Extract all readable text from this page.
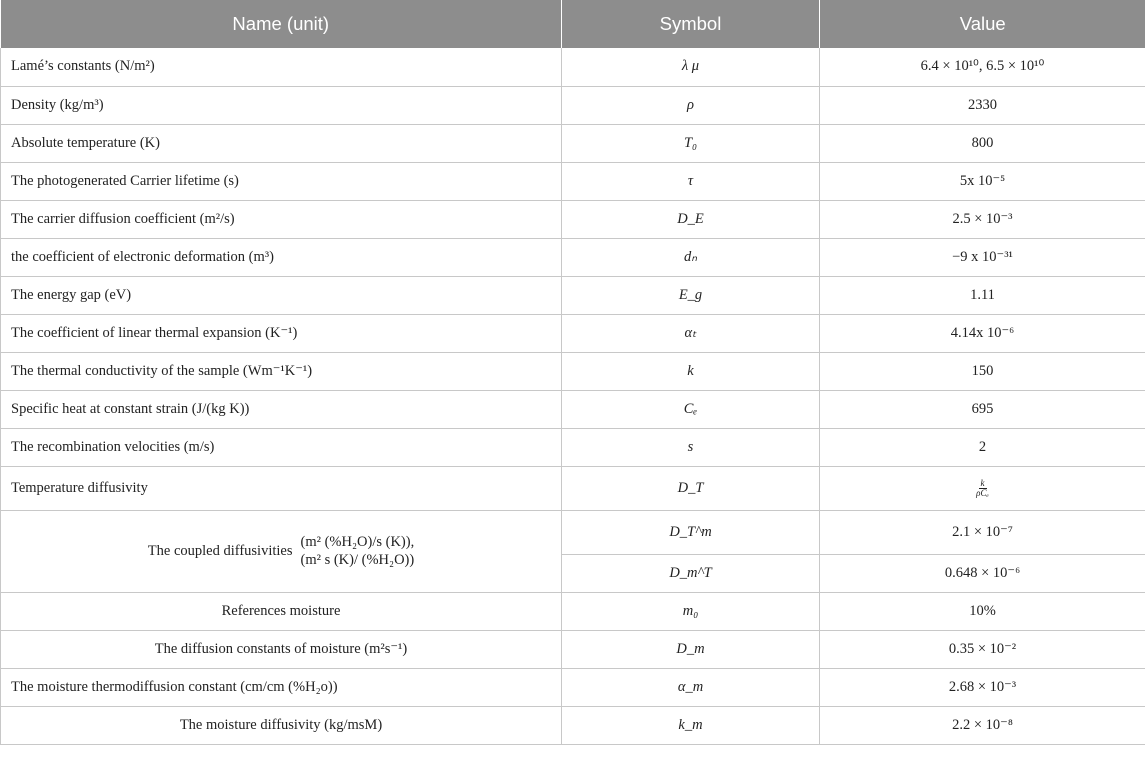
Name (unit)	Symbol	Value
Lamé’s constants (N/m²)	λ μ	6.4 × 10¹⁰, 6.5 × 10¹⁰
Density (kg/m³)	ρ	2330
Absolute temperature (K)	T₀	800
The photogenerated Carrier lifetime (s)	τ	5x 10⁻⁵
The carrier diffusion coefficient (m²/s)	D_E	2.5 × 10⁻³
the coefficient of electronic deformation (m³)	dₙ	−9 x 10⁻³¹
The energy gap (eV)	E_g	1.11
The coefficient of linear thermal expansion (K⁻¹)	αₜ	4.14x 10⁻⁶
The thermal conductivity of the sample (Wm⁻¹K⁻¹)	k	150
Specific heat at constant strain (J/(kg K))	Cₑ	695
The recombination velocities (m/s)	s	2
Temperature diffusivity	D_T	$\frac{k}{\text{ρCₑ}}$

The coupled diffusivities
(m² (%H₂O)/s (K)),
(m² s (K)/ (%H₂O))	D_T^m	2.1 × 10⁻⁷
	D_m^T	0.648 × 10⁻⁶
References moisture	m₀	10%
The diffusion constants of moisture (m²s⁻¹)	D_m	0.35 × 10⁻²
The moisture thermodiffusion constant (cm/cm (%H₂o))	α_m	2.68 × 10⁻³
The moisture diffusivity (kg/msM)	k_m	2.2 × 10⁻⁸
